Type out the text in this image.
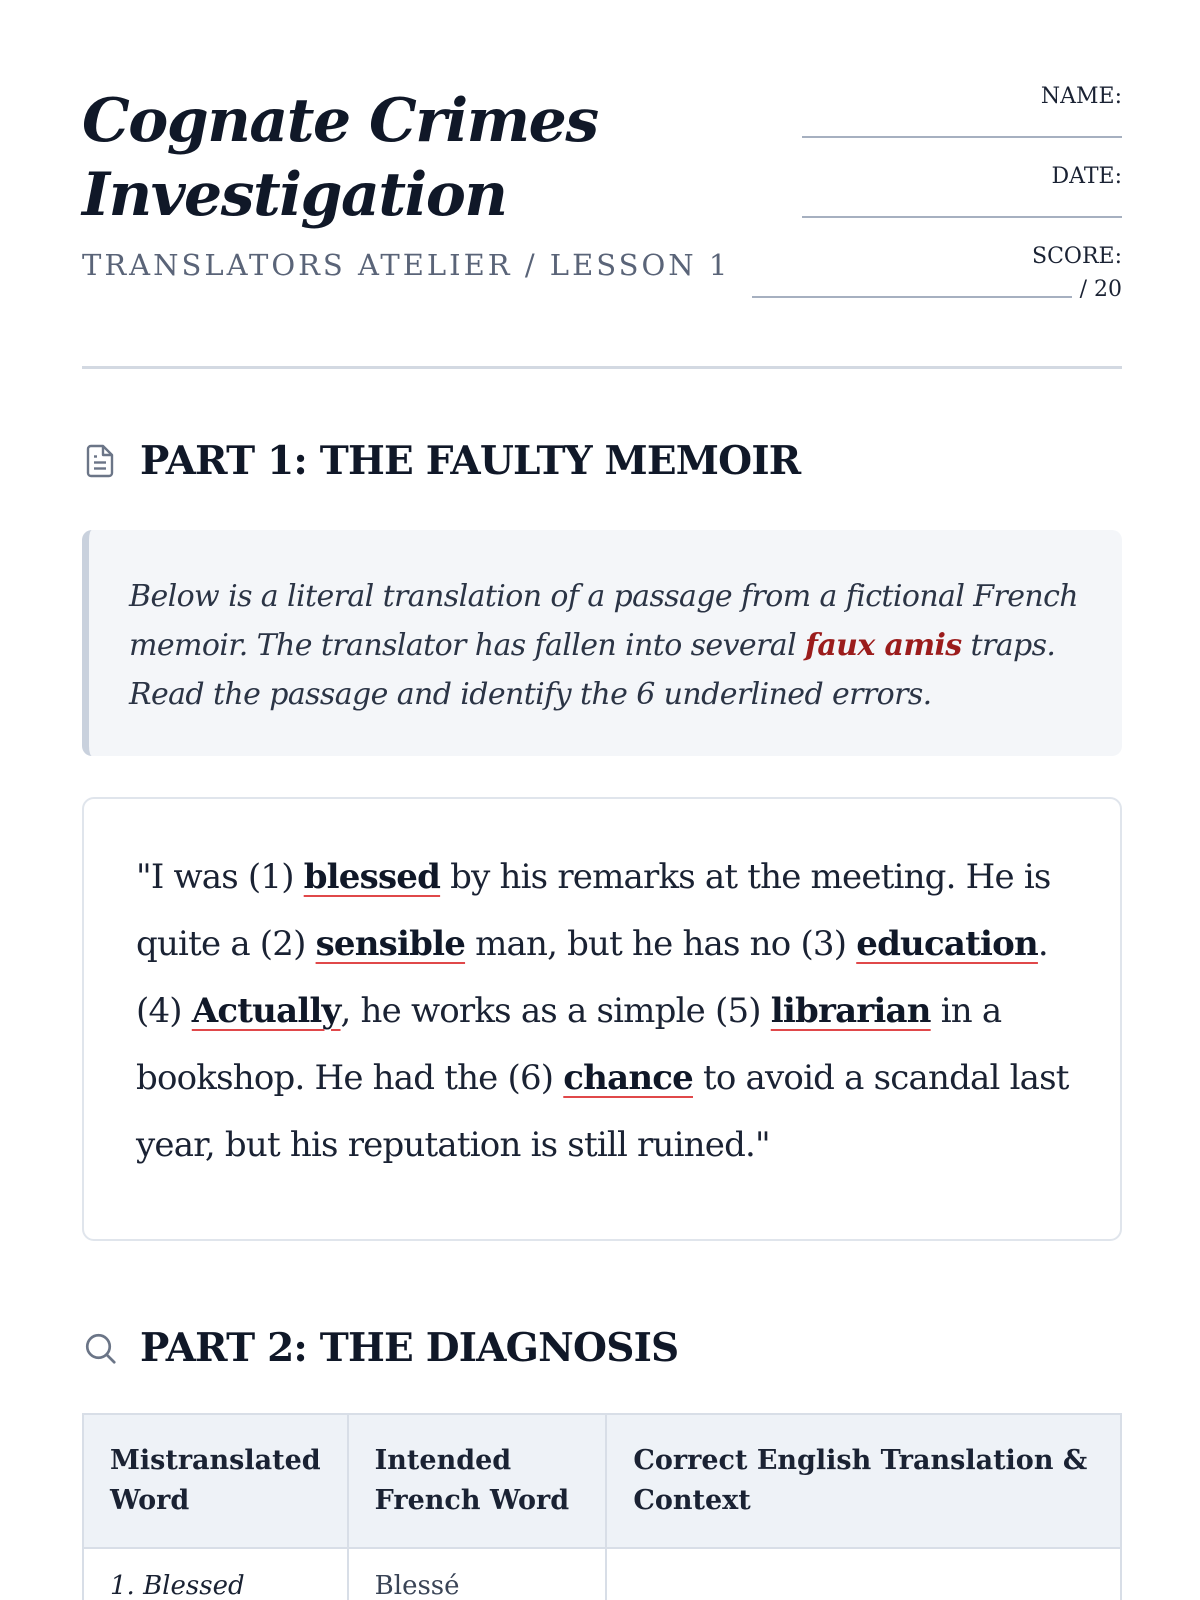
Cognate Crimes Investigation
TRANSLATORS ATELIER / LESSON 1
NAME:
DATE:
SCORE:
/ 20
PART 1: THE FAULTY MEMOIR
Below is a literal translation of a passage from a fictional French memoir. The translator has fallen into several faux amis traps. Read the passage and identify the 6 underlined errors.
"I was (1) blessed by his remarks at the meeting. He is quite a (2) sensible man, but he has no (3) education. (4) Actually, he works as a simple (5) librarian in a bookshop. He had the (6) chance to avoid a scandal last year, but his reputation is still ruined."
PART 2: THE DIAGNOSIS
Mistranslated Word	Intended French Word	Correct English Translation & Context
1. Blessed	Blessé	
